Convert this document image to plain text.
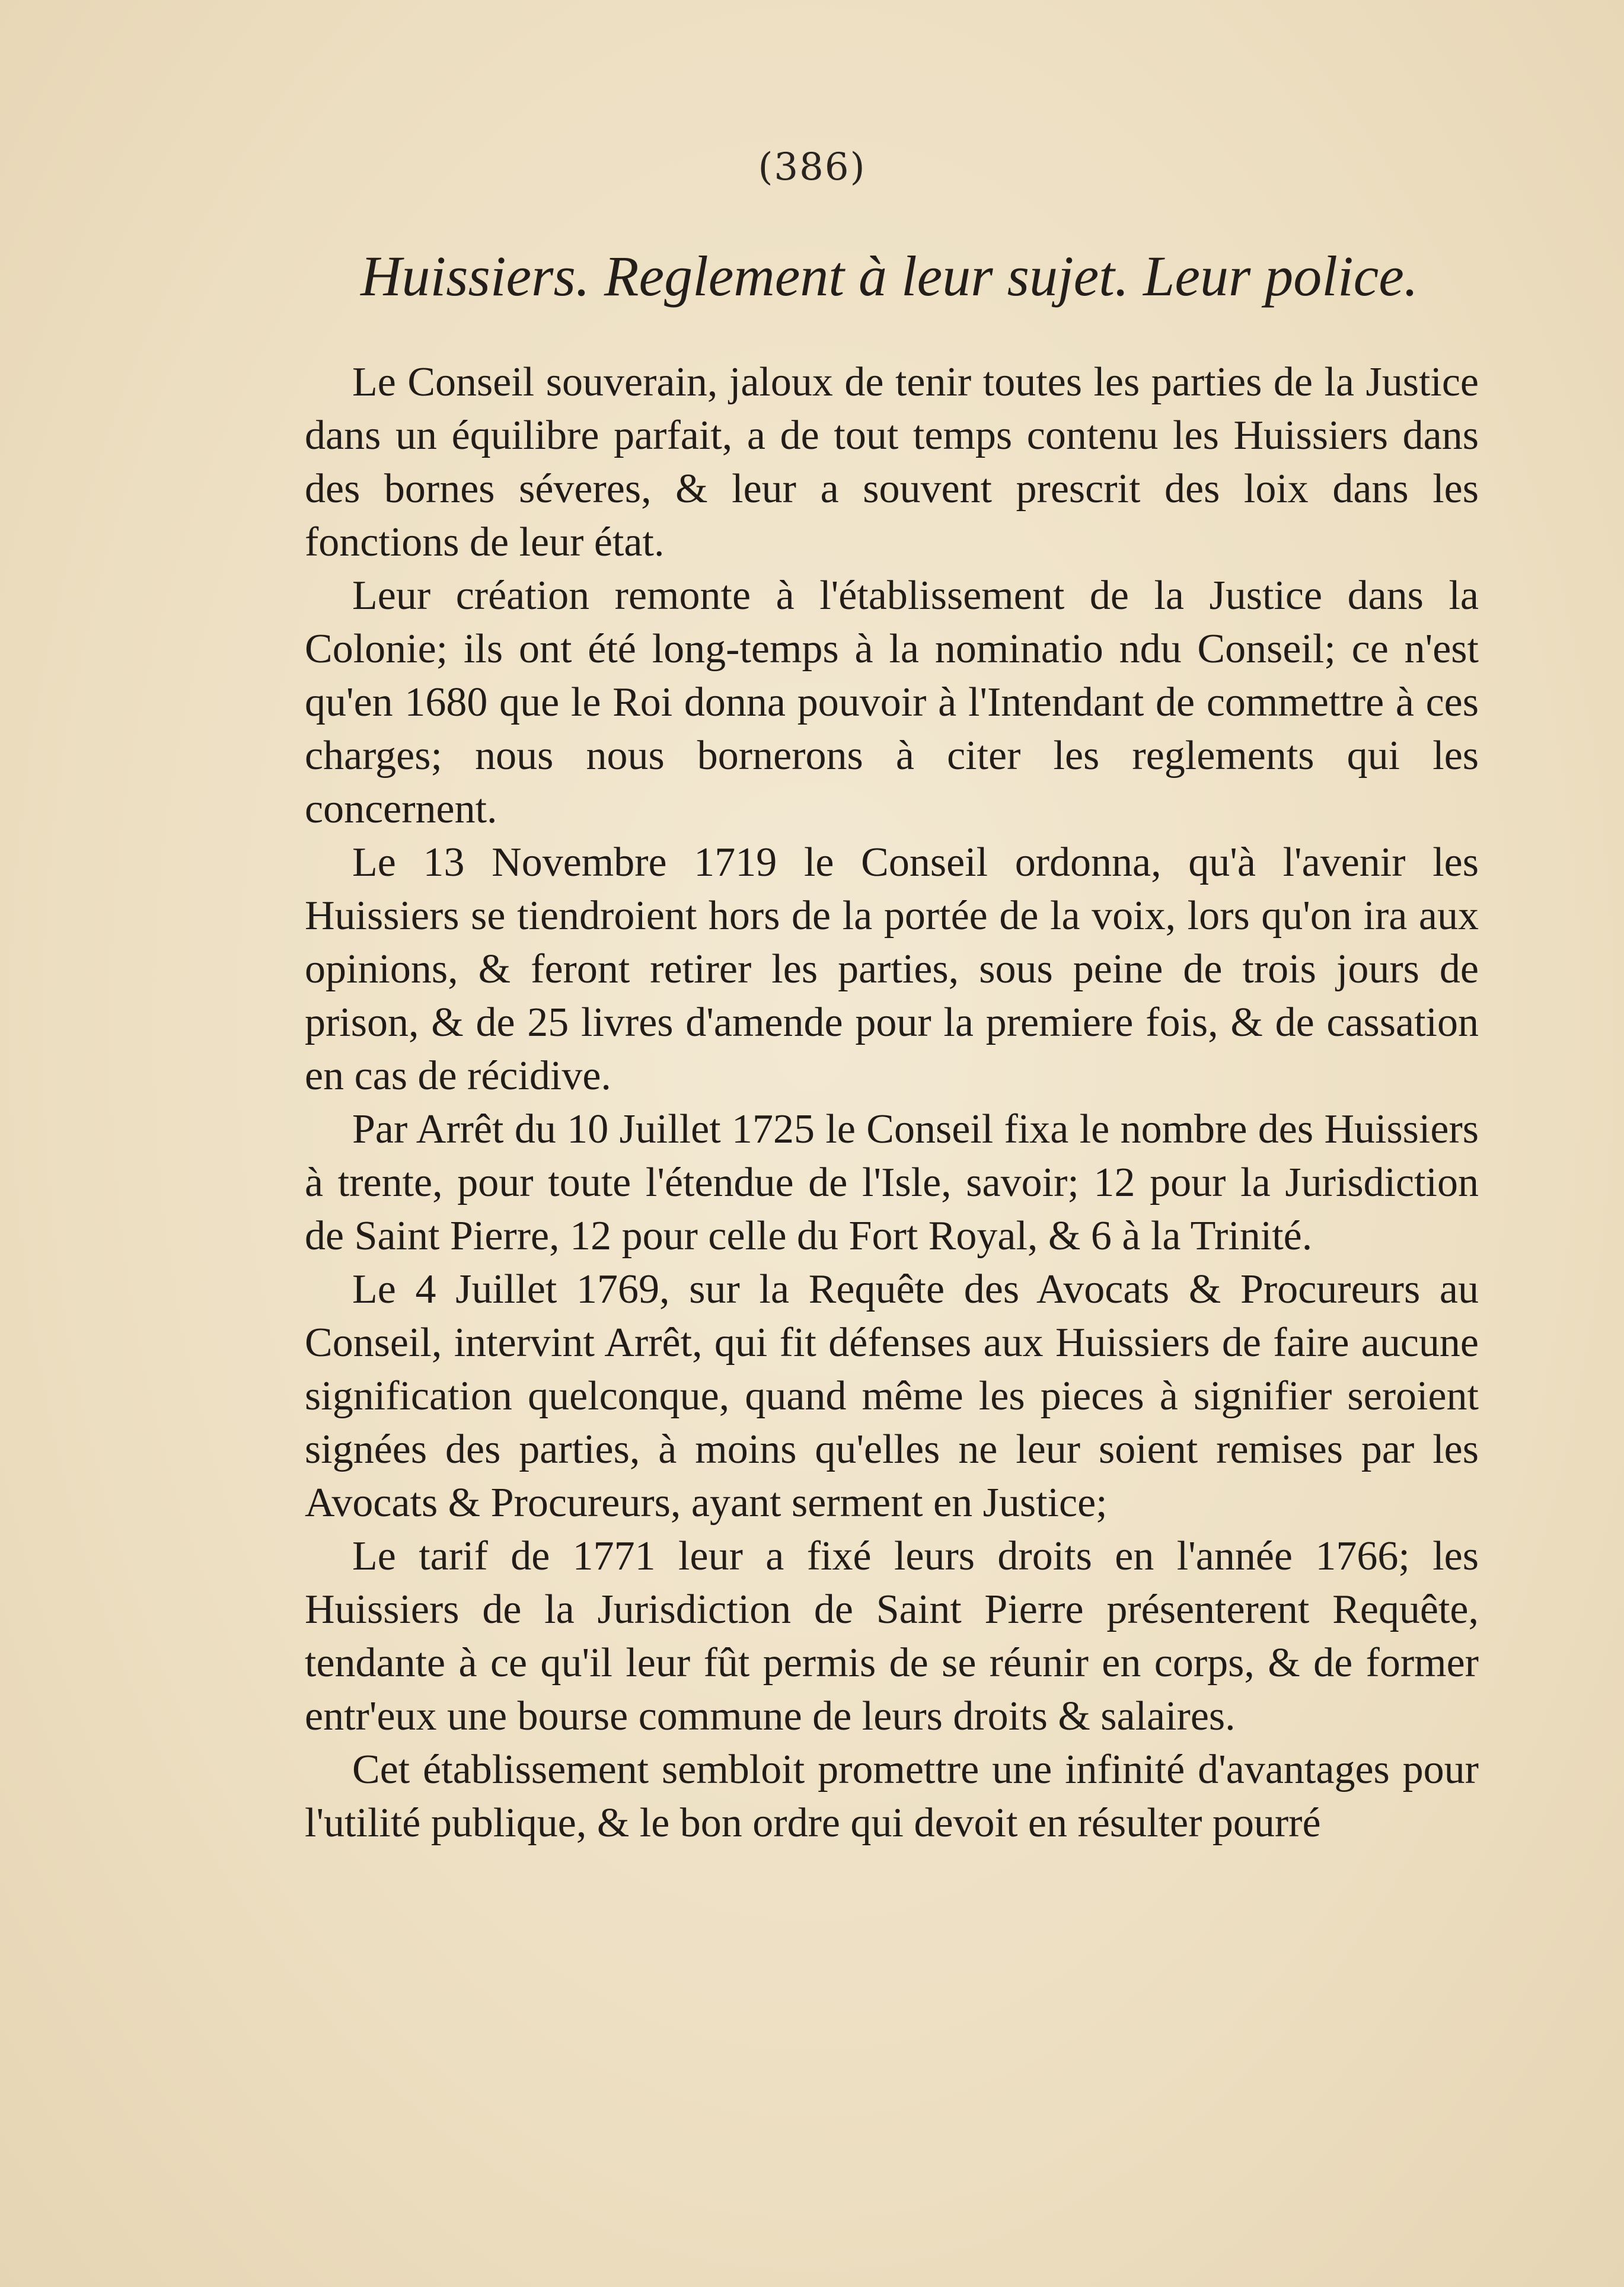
(386)
Huissiers. Reglement à leur sujet. Leur police.

Le Conseil souverain, jaloux de tenir toutes les parties de la Justice dans un équilibre parfait, a de tout temps contenu les Huissiers dans des bornes séveres, & leur a souvent prescrit des loix dans les fonctions de leur état.

Leur création remonte à l'établissement de la Justice dans la Colonie; ils ont été long-temps à la nominatio ndu Conseil; ce n'est qu'en 1680 que le Roi donna pouvoir à l'Intendant de commettre à ces charges; nous nous bornerons à citer les reglements qui les concernent.

Le 13 Novembre 1719 le Conseil ordonna, qu'à l'avenir les Huissiers se tiendroient hors de la portée de la voix, lors qu'on ira aux opinions, & feront retirer les parties, sous peine de trois jours de prison, & de 25 livres d'amende pour la premiere fois, & de cassation en cas de récidive.

Par Arrêt du 10 Juillet 1725 le Conseil fixa le nombre des Huissiers à trente, pour toute l'étendue de l'Isle, savoir; 12 pour la Jurisdiction de Saint Pierre, 12 pour celle du Fort Royal, & 6 à la Trinité.

Le 4 Juillet 1769, sur la Requête des Avocats & Procureurs au Conseil, intervint Arrêt, qui fit défenses aux Huissiers de faire aucune signification quelconque, quand même les pieces à signifier seroient signées des parties, à moins qu'elles ne leur soient remises par les Avocats & Procureurs, ayant serment en Justice;

Le tarif de 1771 leur a fixé leurs droits en l'année 1766; les Huissiers de la Jurisdiction de Saint Pierre présenterent Requête, tendante à ce qu'il leur fût permis de se réunir en corps, & de former entr'eux une bourse commune de leurs droits & salaires.

Cet établissement sembloit promettre une infinité d'avantages pour l'utilité publique, & le bon ordre qui devoit en résulter pourré
